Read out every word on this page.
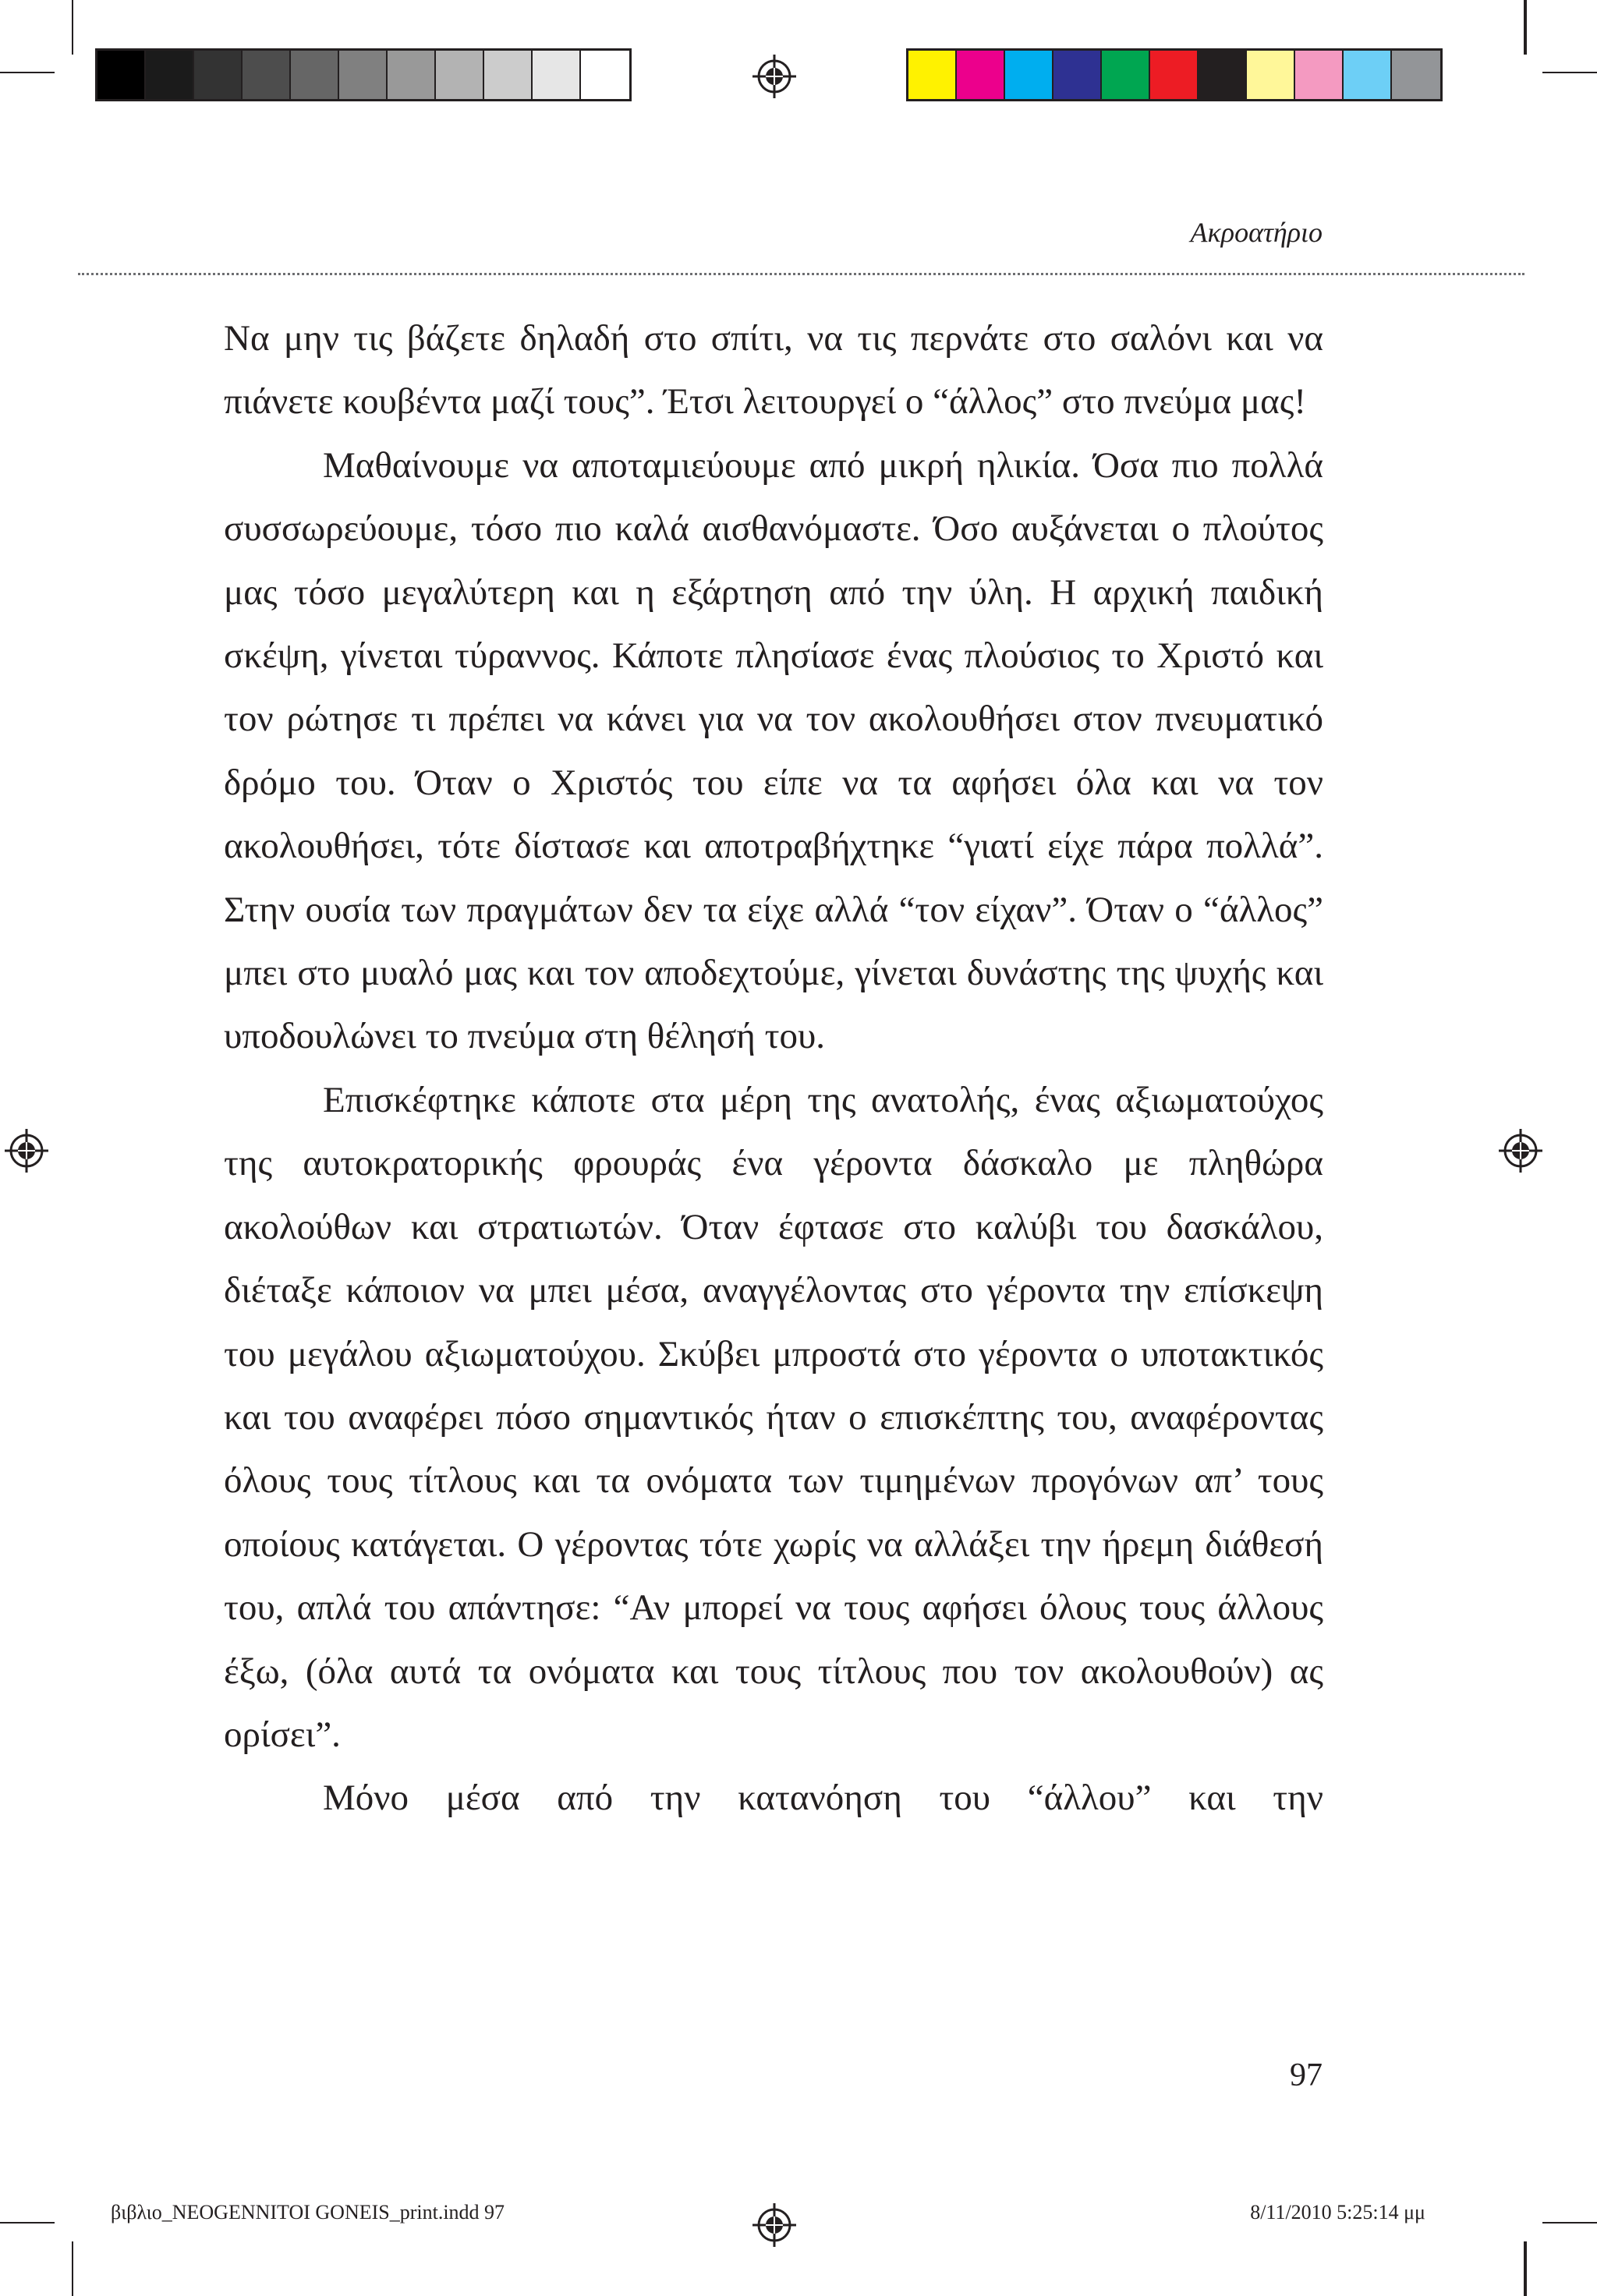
Ακροατήριο

Να μην τις βάζετε δηλαδή στο σπίτι, να τις περνάτε στο σαλόνι και να πιάνετε κουβέντα μαζί τους”. Έτσι λειτουργεί ο “άλλος” στο πνεύμα μας!

Μαθαίνουμε να αποταμιεύουμε από μικρή ηλικία. Όσα πιο πολλά συσσωρεύουμε, τόσο πιο καλά αισθανόμαστε. Όσο αυξάνεται ο πλούτος μας τόσο μεγαλύτερη και η εξάρτηση από την ύλη. Η αρχική παιδική σκέψη, γίνεται τύραννος. Κάποτε πλησίασε ένας πλούσιος το Χριστό και τον ρώτησε τι πρέπει να κάνει για να τον ακολουθήσει στον πνευματικό δρόμο του. Όταν ο Χριστός του είπε να τα αφήσει όλα και να τον ακολουθήσει, τότε δίστασε και αποτραβήχτηκε “γιατί είχε πάρα πολλά”. Στην ουσία των πραγμάτων δεν τα είχε αλλά “τον είχαν”. Όταν ο “άλλος” μπει στο μυαλό μας και τον αποδεχτούμε, γίνεται δυνάστης της ψυχής και υποδουλώνει το πνεύμα στη θέλησή του.

Επισκέφτηκε κάποτε στα μέρη της ανατολής, ένας αξιωματούχος της αυτοκρατορικής φρουράς ένα γέροντα δάσκαλο με πληθώρα ακολούθων και στρατιωτών. Όταν έφτασε στο καλύβι του δασκάλου, διέταξε κάποιον να μπει μέσα, αναγγέλοντας στο γέροντα την επίσκεψη του μεγάλου αξιωματούχου. Σκύβει μπροστά στο γέροντα ο υποτακτικός και του αναφέρει πόσο σημαντικός ήταν ο επισκέπτης του, αναφέροντας όλους τους τίτλους και τα ονόματα των τιμημένων προγόνων απ’ τους οποίους κατάγεται. Ο γέροντας τότε χωρίς να αλλάξει την ήρεμη διάθεσή του, απλά του απάντησε: “Αν μπορεί να τους αφήσει όλους τους άλλους έξω, (όλα αυτά τα ονόματα και τους τίτλους που τον ακολουθούν) ας ορίσει”.

Μόνο μέσα από την κατανόηση του “άλλου” και την

97
βιβλιο_NEOGENNITOI GONEIS_print.indd 97	8/11/2010 5:25:14 μμ
